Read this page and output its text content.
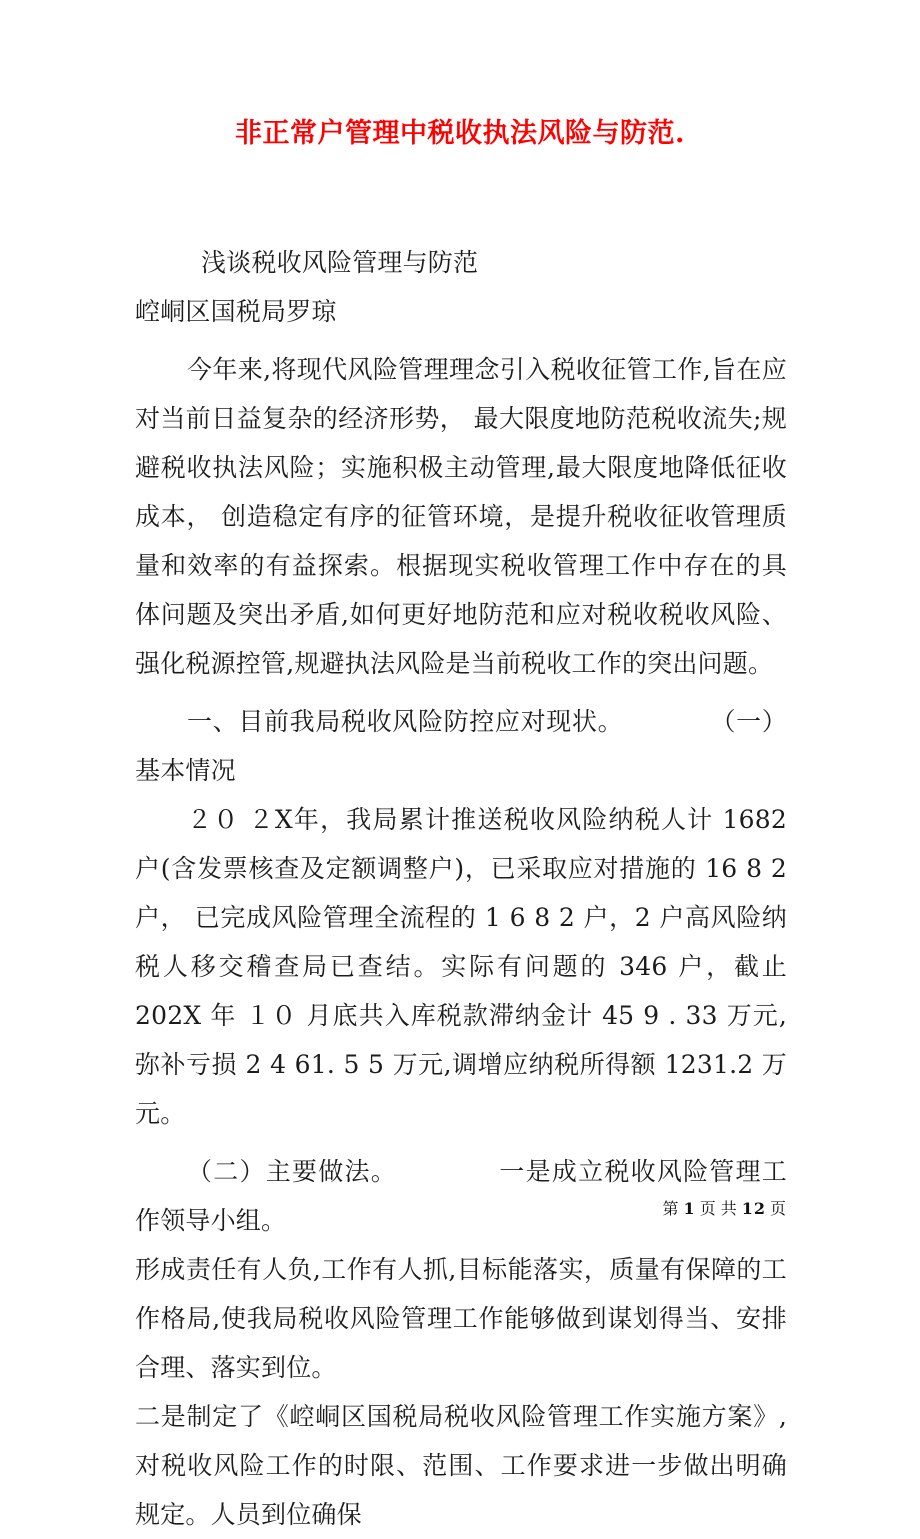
非正常户管理中税收执法风险与防范.

浅谈税收风险管理与防范

崆峒区国税局罗琼

今年来,将现代风险管理理念引入税收征管工作,旨在应对当前日益复杂的经济形势， 最大限度地防范税收流失;规避税收执法风险；实施积极主动管理,最大限度地降低征收成本， 创造稳定有序的征管环境，是提升税收征收管理质量和效率的有益探索。根据现实税收管理工作中存在的具体问题及突出矛盾,如何更好地防范和应对税收税收风险、强化税源控管,规避执法风险是当前税收工作的突出问题。

一、目前我局税收风险防控应对现状。	（一）基本情况

２０ ２X年，我局累计推送税收风险纳税人计 1682 户(含发票核查及定额调整户)，已采取应对措施的 16 8 2 户， 已完成风险管理全流程的 1 6 8 2 户，2 户高风险纳税人移交稽查局已查结。实际有问题的 346 户，截止 202X 年 １０ 月底共入库税款滞纳金计 45 9 . 33 万元,弥补亏损 2 4 61. 5 5 万元,调增应纳税所得额 1231.2 万元。

（二）主要做法。	一是成立税收风险管理工作领导小组。

形成责任有人负,工作有人抓,目标能落实，质量有保障的工作格局,使我局税收风险管理工作能够做到谋划得当、安排合理、落实到位。

二是制定了《崆峒区国税局税收风险管理工作实施方案》,对税收风险工作的时限、范围、工作要求进一步做出明确规定。人员到位确保

第 1 页 共 12 页
